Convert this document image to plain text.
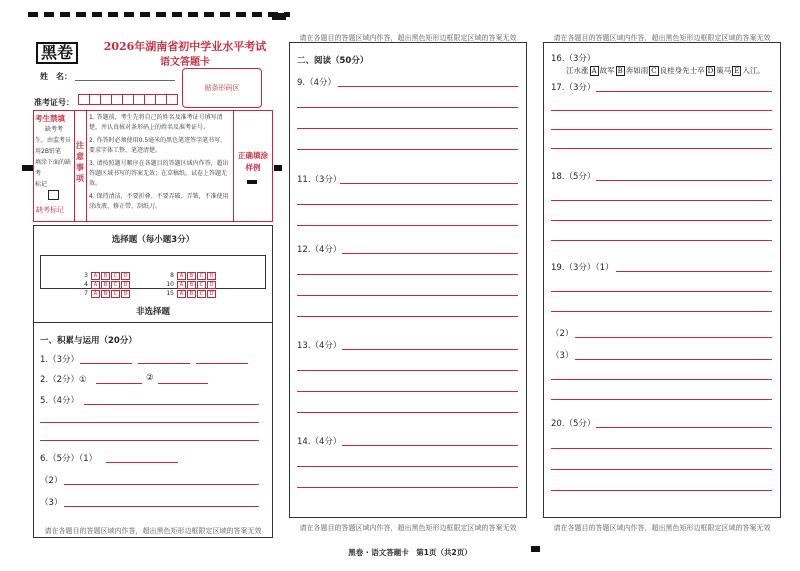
黑卷	2026年湖南省初中学业水平考试
语文答题卡
姓　名：
准考证号：
贴条形码区
考生禁填
缺考考
生，由监考员
用2B铅笔
填涂下面的缺考
标记
缺考标记
注意事项
1. 答题前，考生先将自己的姓名及准考证号填写清楚，并认真核对条形码上的姓名及准考证号。
2. 作答时必须使用0.5毫米的黑色笔迹签字笔书写，要求字体工整、笔迹清楚。
3. 请按照题号顺序在各题目的答题区域内作答，超出答题区域书写的答案无效；在草稿纸、试卷上答题无效。
4. 保持清洁，不要折叠、不要弄破、弄皱，不准使用涂改液、修正带、刮纸刀。
正确填涂样例
选择题（每小题3分）
3 A B C D
4 A B C D
7 A B C D
8 A B C D
10 A B C D
15 A B C D
非选择题
一、积累与运用（20分）
1.（3分）
2.（2分）①	②
5.（4分）
6.（5分）（1）
（2）
（3）
请在各题目的答题区域内作答，超出黑色矩形边框限定区域的答案无效
请在各题目的答题区域内作答，超出黑色矩形边框限定区域的答案无效
二、阅读（50分）
9.（4分）
11.（3分）
12.（4分）
13.（4分）
14.（4分）
请在各题目的答题区域内作答，超出黑色矩形边框限定区域的答案无效
请在各题目的答题区域内作答，超出黑色矩形边框限定区域的答案无效
16.（3分）
江水涨 A 故军 B 奔如雨 C 良桂身先士卒 D 策马 E 入江。
17.（3分）
18.（5分）
19.（3分）（1）
（2）
（3）
20.（5分）
请在各题目的答题区域内作答，超出黑色矩形边框限定区域的答案无效
黑卷 · 语文答题卡　第1页（共2页）
